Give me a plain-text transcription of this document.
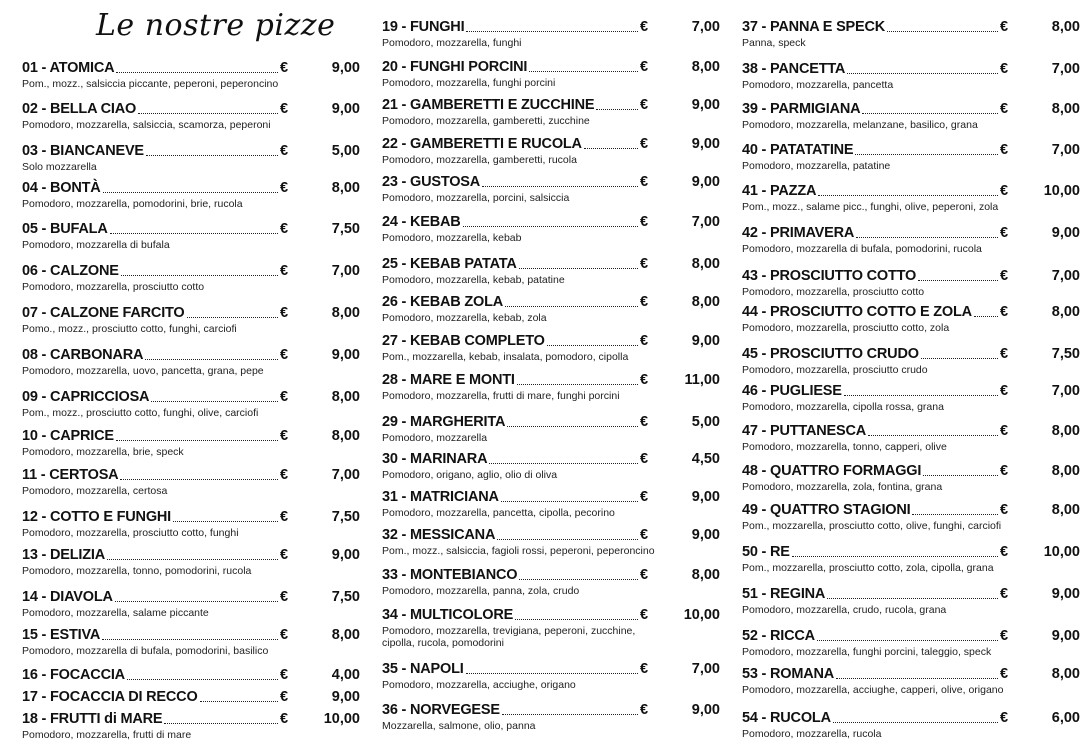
Le nostre pizze
01 - ATOMICA	€	9,00
Pom., mozz., salsiccia piccante, peperoni, peperoncino
02 - BELLA CIAO	€	9,00
Pomodoro, mozzarella, salsiccia, scamorza, peperoni
03 - BIANCANEVE	€	5,00
Solo mozzarella
04 - BONTÀ	€	8,00
Pomodoro, mozzarella, pomodorini, brie, rucola
05 - BUFALA	€	7,50
Pomodoro, mozzarella di bufala
06 - CALZONE	€	7,00
Pomodoro, mozzarella, prosciutto cotto
07 - CALZONE FARCITO	€	8,00
Pomo., mozz., prosciutto cotto, funghi, carciofi
08 - CARBONARA	€	9,00
Pomodoro, mozzarella, uovo, pancetta, grana, pepe
09 - CAPRICCIOSA	€	8,00
Pom., mozz., prosciutto cotto, funghi, olive, carciofi
10 - CAPRICE	€	8,00
Pomodoro, mozzarella, brie, speck
11 - CERTOSA	€	7,00
Pomodoro, mozzarella, certosa
12 - COTTO E FUNGHI	€	7,50
Pomodoro, mozzarella, prosciutto cotto, funghi
13 - DELIZIA	€	9,00
Pomodoro, mozzarella, tonno, pomodorini, rucola
14 - DIAVOLA	€	7,50
Pomodoro, mozzarella, salame piccante
15 - ESTIVA	€	8,00
Pomodoro, mozzarella di bufala, pomodorini, basilico
16 - FOCACCIA	€	4,00
17 - FOCACCIA DI RECCO	€	9,00
18 - FRUTTI di MARE	€ 10,00
Pomodoro, mozzarella, frutti di mare
19 - FUNGHI	€	7,00
Pomodoro, mozzarella, funghi
20 - FUNGHI PORCINI	€	8,00
Pomodoro, mozzarella, funghi porcini
21 - GAMBERETTI E ZUCCHINE	€	9,00
Pomodoro, mozzarella, gamberetti, zucchine
22 - GAMBERETTI E RUCOLA	€	9,00
Pomodoro, mozzarella, gamberetti, rucola
23 - GUSTOSA	€	9,00
Pomodoro, mozzarella, porcini, salsiccia
24 - KEBAB	€	7,00
Pomodoro, mozzarella, kebab
25 - KEBAB PATATA	€	8,00
Pomodoro, mozzarella, kebab, patatine
26 - KEBAB ZOLA	€	8,00
Pomodoro, mozzarella, kebab, zola
27 - KEBAB COMPLETO	€	9,00
Pom., mozzarella, kebab, insalata, pomodoro, cipolla
28 - MARE E MONTI	€	11,00
Pomodoro, mozzarella, frutti di mare, funghi porcini
29 - MARGHERITA	€	5,00
Pomodoro, mozzarella
30 - MARINARA	€	4,50
Pomodoro, origano, aglio, olio di oliva
31 - MATRICIANA	€	9,00
Pomodoro, mozzarella, pancetta, cipolla, pecorino
32 - MESSICANA	€	9,00
Pom., mozz., salsiccia, fagioli rossi, peperoni, peperoncino
33 - MONTEBIANCO	€	8,00
Pomodoro, mozzarella, panna, zola, crudo
34 - MULTICOLORE	€ 10,00
Pomodoro, mozzarella, trevigiana, peperoni, zucchine,
cipolla, rucola, pomodorini
35 - NAPOLI	€	7,00
Pomodoro, mozzarella, acciughe, origano
36 - NORVEGESE	€	9,00
Mozzarella, salmone, olio, panna
37 - PANNA E SPECK	€	8,00
Panna, speck
38 - PANCETTA	€	7,00
Pomodoro, mozzarella, pancetta
39 - PARMIGIANA	€	8,00
Pomodoro, mozzarella, melanzane, basilico, grana
40 - PATATATINE	€	7,00
Pomodoro, mozzarella, patatine
41 - PAZZA	€ 10,00
Pom., mozz., salame picc., funghi, olive, peperoni, zola
42 - PRIMAVERA	€	9,00
Pomodoro, mozzarella di bufala, pomodorini, rucola
43 - PROSCIUTTO COTTO	€	7,00
Pomodoro, mozzarella, prosciutto cotto
44 - PROSCIUTTO COTTO E ZOLA €	8,00
Pomodoro, mozzarella, prosciutto cotto, zola
45 - PROSCIUTTO CRUDO	€	7,50
Pomodoro, mozzarella, prosciutto crudo
46 - PUGLIESE	€	7,00
Pomodoro, mozzarella, cipolla rossa, grana
47 - PUTTANESCA	€	8,00
Pomodoro, mozzarella, tonno, capperi, olive
48 - QUATTRO FORMAGGI	€	8,00
Pomodoro, mozzarella, zola, fontina, grana
49 - QUATTRO STAGIONI	€	8,00
Pom., mozzarella, prosciutto cotto, olive, funghi, carciofi
50 - RE	€ 10,00
Pom., mozzarella, prosciutto cotto, zola, cipolla, grana
51 - REGINA	€	9,00
Pomodoro, mozzarella, crudo, rucola, grana
52 - RICCA	€	9,00
Pomodoro, mozzarella, funghi porcini, taleggio, speck
53 - ROMANA	€	8,00
Pomodoro, mozzarella, acciughe, capperi, olive, origano
54 - RUCOLA	€	6,00
Pomodoro, mozzarella, rucola
